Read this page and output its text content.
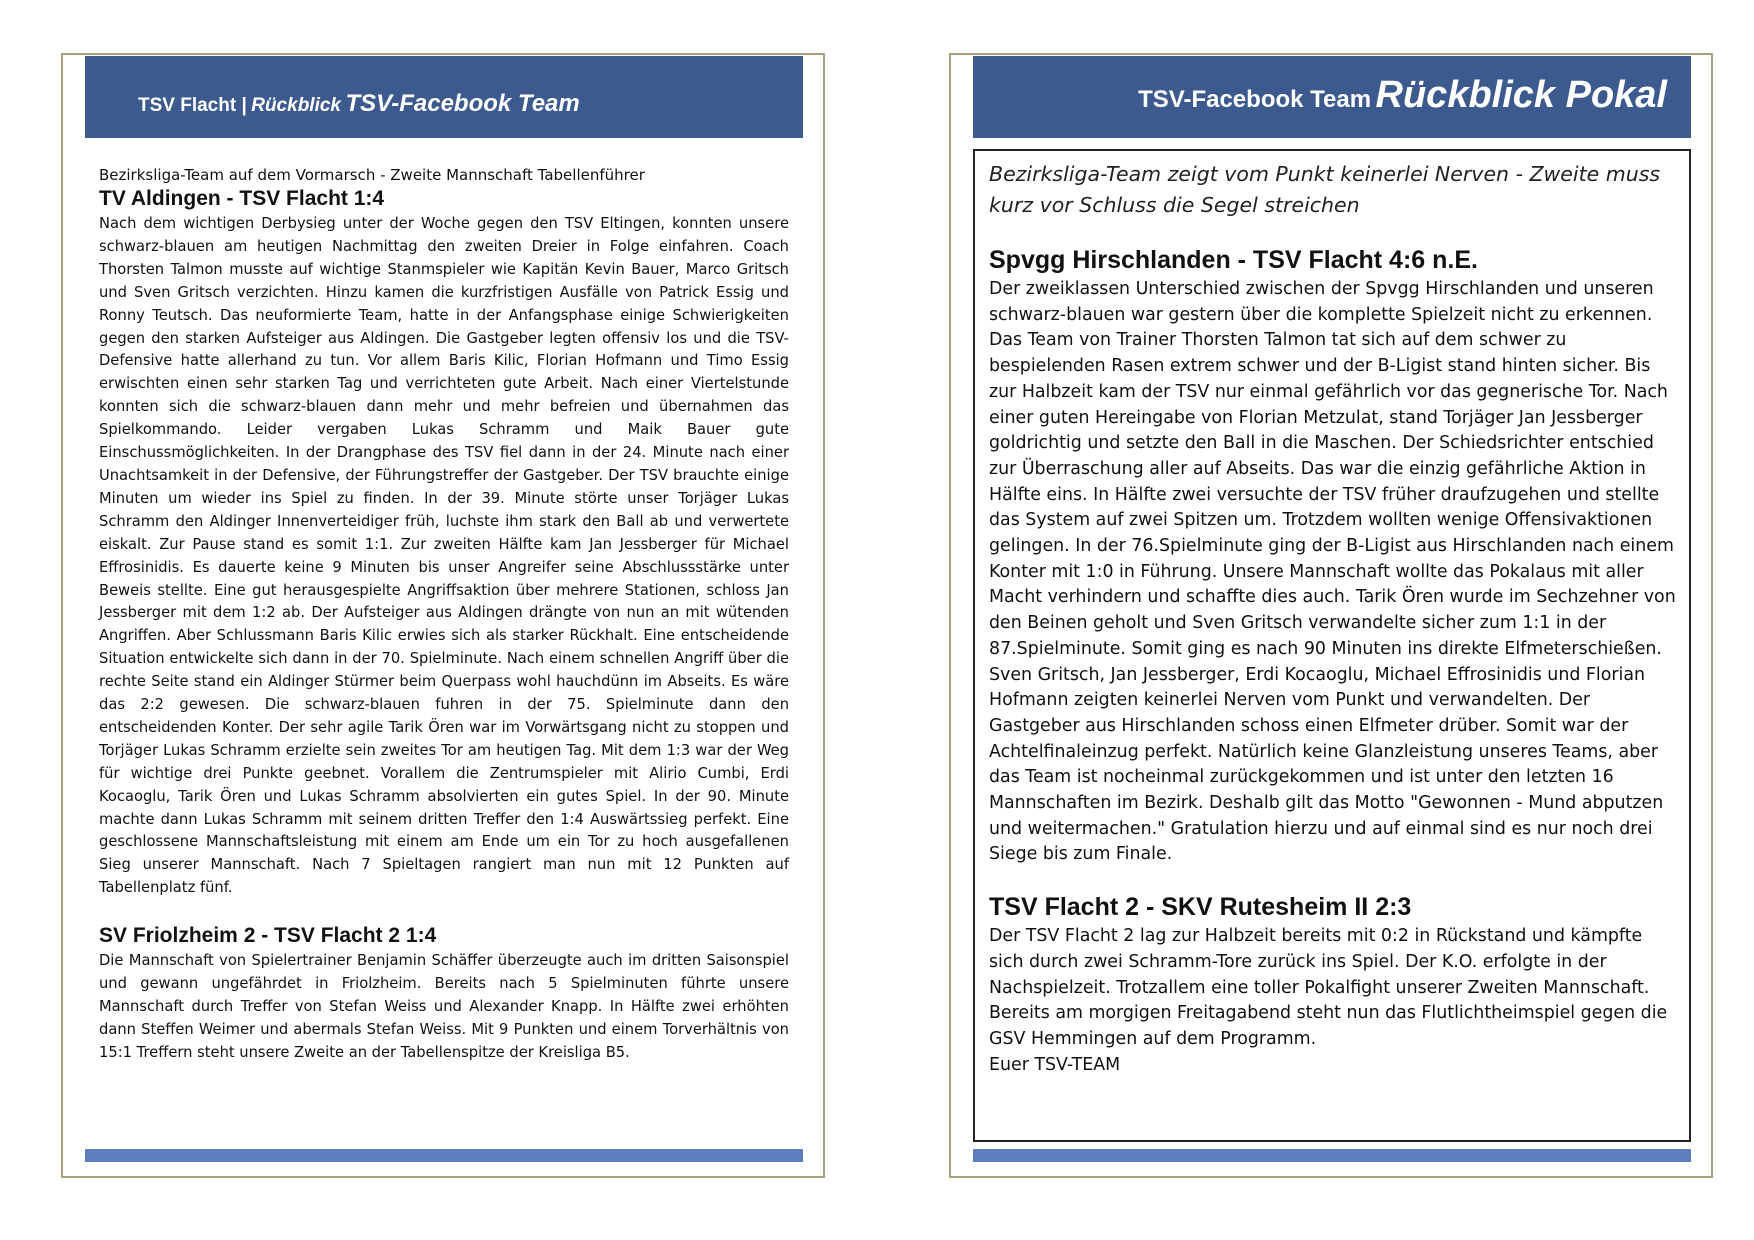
TSV Flacht | Rückblick TSV-Facebook Team

Bezirksliga-Team auf dem Vormarsch - Zweite Mannschaft Tabellenführer

TV Aldingen - TSV Flacht 1:4

Nach dem wichtigen Derbysieg unter der Woche gegen den TSV Eltingen, konnten unsere schwarz-blauen am heutigen Nachmittag den zweiten Dreier in Folge einfahren. Coach Thorsten Talmon musste auf wichtige Stanmspieler wie Kapitän Kevin Bauer, Marco Gritsch und Sven Gritsch verzichten. Hinzu kamen die kurzfristigen Ausfälle von Patrick Essig und Ronny Teutsch. Das neuformierte Team, hatte in der Anfangsphase einige Schwierigkeiten gegen den starken Aufsteiger aus Aldingen. Die Gastgeber legten offensiv los und die TSV-Defensive hatte allerhand zu tun. Vor allem Baris Kilic, Florian Hofmann und Timo Essig erwischten einen sehr starken Tag und verrichteten gute Arbeit. Nach einer Viertelstunde konnten sich die schwarz-blauen dann mehr und mehr befreien und übernahmen das Spielkommando. Leider vergaben Lukas Schramm und Maik Bauer gute Einschussmöglichkeiten. In der Drangphase des TSV fiel dann in der 24. Minute nach einer Unachtsamkeit in der Defensive, der Führungstreffer der Gastgeber. Der TSV brauchte einige Minuten um wieder ins Spiel zu finden. In der 39. Minute störte unser Torjäger Lukas Schramm den Aldinger Innenverteidiger früh, luchste ihm stark den Ball ab und verwertete eiskalt. Zur Pause stand es somit 1:1. Zur zweiten Hälfte kam Jan Jessberger für Michael Effrosinidis. Es dauerte keine 9 Minuten bis unser Angreifer seine Abschlussstärke unter Beweis stellte. Eine gut herausgespielte Angriffsaktion über mehrere Stationen, schloss Jan Jessberger mit dem 1:2 ab. Der Aufsteiger aus Aldingen drängte von nun an mit wütenden Angriffen. Aber Schlussmann Baris Kilic erwies sich als starker Rückhalt. Eine entscheidende Situation entwickelte sich dann in der 70. Spielminute. Nach einem schnellen Angriff über die rechte Seite stand ein Aldinger Stürmer beim Querpass wohl hauchdünn im Abseits. Es wäre das 2:2 gewesen. Die schwarz-blauen fuhren in der 75. Spielminute dann den entscheidenden Konter. Der sehr agile Tarik Ören war im Vorwärtsgang nicht zu stoppen und Torjäger Lukas Schramm erzielte sein zweites Tor am heutigen Tag. Mit dem 1:3 war der Weg für wichtige drei Punkte geebnet. Vorallem die Zentrumspieler mit Alirio Cumbi, Erdi Kocaoglu, Tarik Ören und Lukas Schramm absolvierten ein gutes Spiel. In der 90. Minute machte dann Lukas Schramm mit seinem dritten Treffer den 1:4 Auswärtssieg perfekt. Eine geschlossene Mannschaftsleistung mit einem am Ende um ein Tor zu hoch ausgefallenen Sieg unserer Mannschaft. Nach 7 Spieltagen rangiert man nun mit 12 Punkten auf Tabellenplatz fünf.

SV Friolzheim 2 - TSV Flacht 2 1:4

Die Mannschaft von Spielertrainer Benjamin Schäffer überzeugte auch im dritten Saisonspiel und gewann ungefährdet in Friolzheim. Bereits nach 5 Spielminuten führte unsere Mannschaft durch Treffer von Stefan Weiss und Alexander Knapp. In Hälfte zwei erhöhten dann Steffen Weimer und abermals Stefan Weiss. Mit 9 Punkten und einem Torverhältnis von 15:1 Treffern steht unsere Zweite an der Tabellenspitze der Kreisliga B5.

TSV-Facebook Team Rückblick Pokal

Bezirksliga-Team zeigt vom Punkt keinerlei Nerven - Zweite muss

kurz vor Schluss die Segel streichen

Spvgg Hirschlanden - TSV Flacht 4:6 n.E.

Der zweiklassen Unterschied zwischen der Spvgg Hirschlanden und unseren schwarz-blauen war gestern über die komplette Spielzeit nicht zu erkennen. Das Team von Trainer Thorsten Talmon tat sich auf dem schwer zu bespielenden Rasen extrem schwer und der B-Ligist stand hinten sicher. Bis zur Halbzeit kam der TSV nur einmal gefährlich vor das gegnerische Tor. Nach einer guten Hereingabe von Florian Metzulat, stand Torjäger Jan Jessberger goldrichtig und setzte den Ball in die Maschen. Der Schiedsrichter entschied zur Überraschung aller auf Abseits. Das war die einzig gefährliche Aktion in Hälfte eins. In Hälfte zwei versuchte der TSV früher draufzugehen und stellte das System auf zwei Spitzen um. Trotzdem wollten wenige Offensivaktionen gelingen. In der 76.Spielminute ging der B-Ligist aus Hirschlanden nach einem Konter mit 1:0 in Führung. Unsere Mannschaft wollte das Pokalaus mit aller Macht verhindern und schaffte dies auch. Tarik Ören wurde im Sechzehner von den Beinen geholt und Sven Gritsch verwandelte sicher zum 1:1 in der 87.Spielminute. Somit ging es nach 90 Minuten ins direkte Elfmeterschießen. Sven Gritsch, Jan Jessberger, Erdi Kocaoglu, Michael Effrosinidis und Florian Hofmann zeigten keinerlei Nerven vom Punkt und verwandelten. Der Gastgeber aus Hirschlanden schoss einen Elfmeter drüber. Somit war der Achtelfinaleinzug perfekt. Natürlich keine Glanzleistung unseres Teams, aber das Team ist nocheinmal zurückgekommen und ist unter den letzten 16 Mannschaften im Bezirk. Deshalb gilt das Motto "Gewonnen - Mund abputzen und weitermachen." Gratulation hierzu und auf einmal sind es nur noch drei Siege bis zum Finale.

TSV Flacht 2 - SKV Rutesheim II 2:3

Der TSV Flacht 2 lag zur Halbzeit bereits mit 0:2 in Rückstand und kämpfte sich durch zwei Schramm-Tore zurück ins Spiel. Der K.O. erfolgte in der Nachspielzeit. Trotzallem eine toller Pokalfight unserer Zweiten Mannschaft. Bereits am morgigen Freitagabend steht nun das Flutlichtheimspiel gegen die GSV Hemmingen auf dem Programm.

Euer TSV-TEAM
